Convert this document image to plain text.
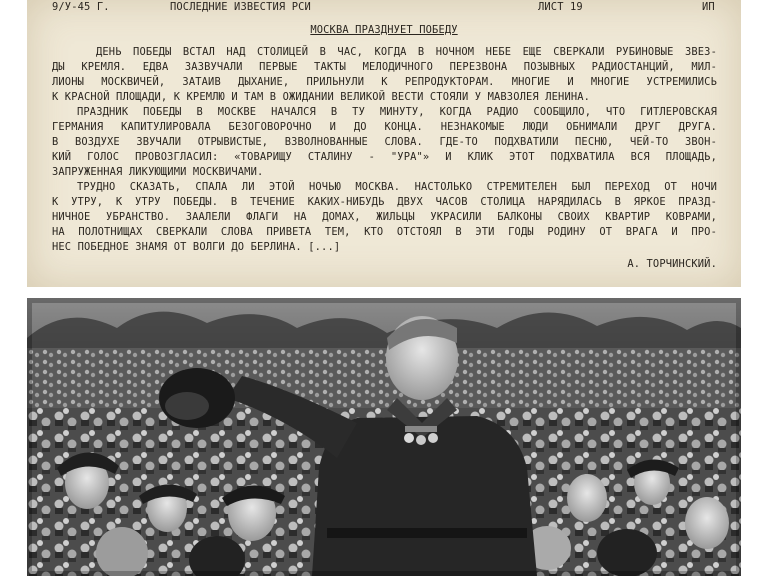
9/У-45 Г.	ПОСЛЕДНИЕ ИЗВЕСТИЯ РСИ	ЛИСТ 19	ИП
МОСКВА ПРАЗДНУЕТ ПОБЕДУ
ДЕНЬ ПОБЕДЫ ВСТАЛ НАД СТОЛИЦЕЙ В ЧАС, КОГДА В НОЧНОМ НЕБЕ ЕЩЕ СВЕРКАЛИ РУБИНОВЫЕ ЗВЕЗ-
ДЫ КРЕМЛЯ. ЕДВА ЗАЗВУЧАЛИ ПЕРВЫЕ ТАКТЫ МЕЛОДИЧНОГО ПЕРЕЗВОНА ПОЗЫВНЫХ РАДИОСТАНЦИЙ, МИЛ-
ЛИОНЫ МОСКВИЧЕЙ, ЗАТАИВ ДЫХАНИЕ, ПРИЛЬНУЛИ К РЕПРОДУКТОРАМ. МНОГИЕ И МНОГИЕ УСТРЕМИЛИСЬ
К КРАСНОЙ ПЛОЩАДИ, К КРЕМЛЮ И ТАМ В ОЖИДАНИИ ВЕЛИКОЙ ВЕСТИ СТОЯЛИ У МАВЗОЛЕЯ ЛЕНИНА.
ПРАЗДНИК ПОБЕДЫ В МОСКВЕ НАЧАЛСЯ В ТУ МИНУТУ, КОГДА РАДИО СООБЩИЛО, ЧТО ГИТЛЕРОВСКАЯ
ГЕРМАНИЯ КАПИТУЛИРОВАЛА БЕЗОГОВОРОЧНО И ДО КОНЦА. НЕЗНАКОМЫЕ ЛЮДИ ОБНИМАЛИ ДРУГ ДРУГА.
В ВОЗДУХЕ ЗВУЧАЛИ ОТРЫВИСТЫЕ, ВЗВОЛНОВАННЫЕ СЛОВА. ГДЕ-ТО ПОДХВАТИЛИ ПЕСНЮ, ЧЕЙ-ТО ЗВОН-
КИЙ ГОЛОС ПРОВОЗГЛАСИЛ: «ТОВАРИЩУ СТАЛИНУ - "УРА"» И КЛИК ЭТОТ ПОДХВАТИЛА ВСЯ ПЛОЩАДЬ,
ЗАПРУЖЕННАЯ ЛИКУЮЩИМИ МОСКВИЧАМИ.
ТРУДНО СКАЗАТЬ, СПАЛА ЛИ ЭТОЙ НОЧЬЮ МОСКВА. НАСТОЛЬКО СТРЕМИТЕЛЕН БЫЛ ПЕРЕХОД ОТ НОЧИ
К УТРУ, К УТРУ ПОБЕДЫ. В ТЕЧЕНИЕ КАКИХ-НИБУДЬ ДВУХ ЧАСОВ СТОЛИЦА НАРЯДИЛАСЬ В ЯРКОЕ ПРАЗД-
НИЧНОЕ УБРАНСТВО. ЗААЛЕЛИ ФЛАГИ НА ДОМАХ, ЖИЛЬЦЫ УКРАСИЛИ БАЛКОНЫ СВОИХ КВАРТИР КОВРАМИ,
НА ПОЛОТНИЩАХ СВЕРКАЛИ СЛОВА ПРИВЕТА ТЕМ, КТО ОТСТОЯЛ В ЭТИ ГОДЫ РОДИНУ ОТ ВРАГА И ПРО-
НЕС ПОБЕДНОЕ ЗНАМЯ ОТ ВОЛГИ ДО БЕРЛИНА. [...]
А. ТОРЧИНСКИЙ.
